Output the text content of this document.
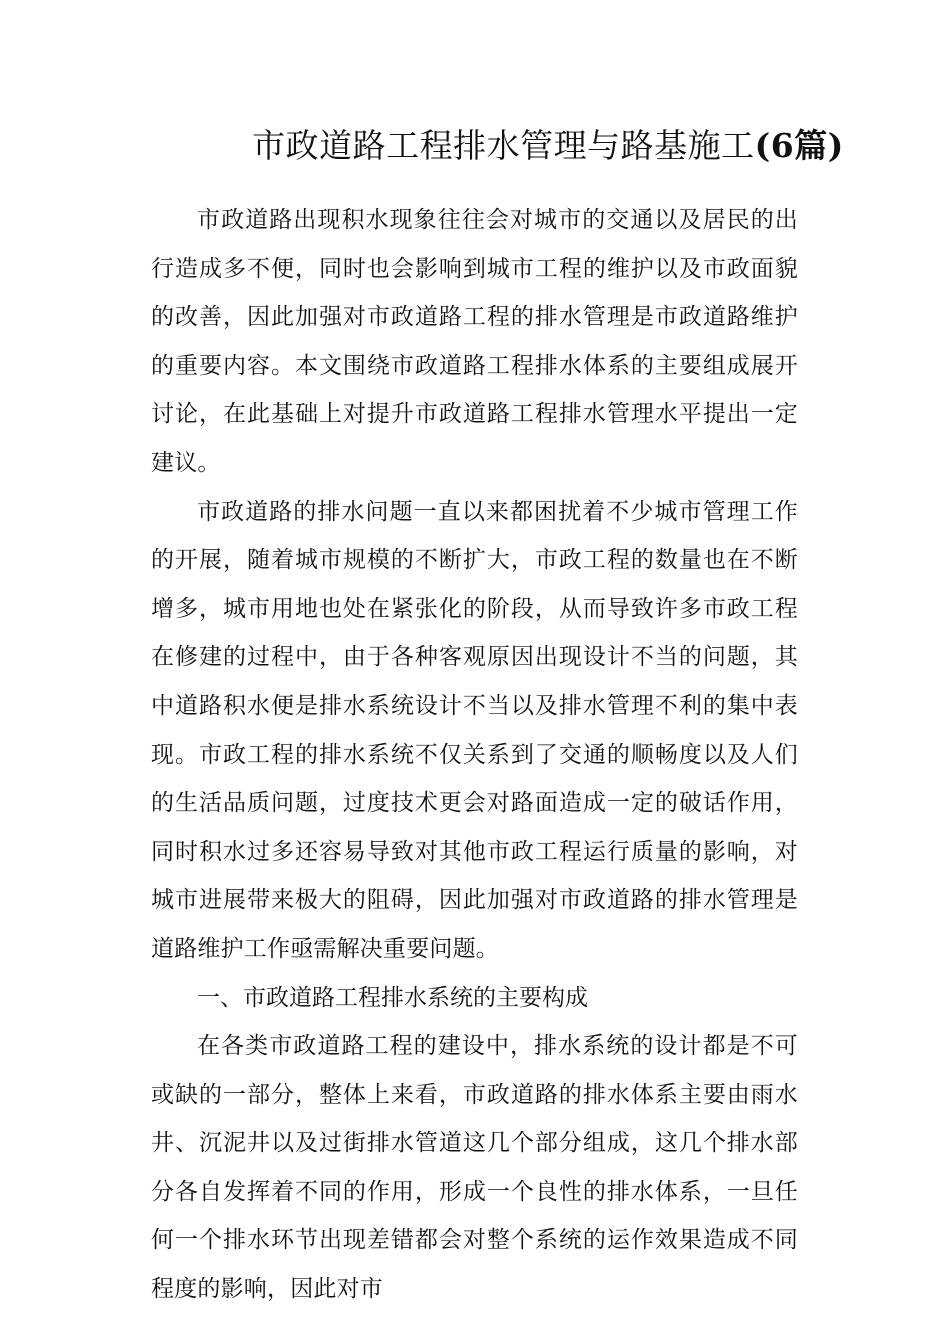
市政道路工程排水管理与路基施工(6篇)

市政道路出现积水现象往往会对城市的交通以及居民的出行造成多不便，同时也会影响到城市工程的维护以及市政面貌的改善，因此加强对市政道路工程的排水管理是市政道路维护的重要内容。本文围绕市政道路工程排水体系的主要组成展开讨论，在此基础上对提升市政道路工程排水管理水平提出一定建议。

市政道路的排水问题一直以来都困扰着不少城市管理工作的开展，随着城市规模的不断扩大，市政工程的数量也在不断增多，城市用地也处在紧张化的阶段，从而导致许多市政工程在修建的过程中，由于各种客观原因出现设计不当的问题，其中道路积水便是排水系统设计不当以及排水管理不利的集中表现。市政工程的排水系统不仅关系到了交通的顺畅度以及人们的生活品质问题，过度技术更会对路面造成一定的破话作用，同时积水过多还容易导致对其他市政工程运行质量的影响，对城市进展带来极大的阻碍，因此加强对市政道路的排水管理是道路维护工作亟需解决重要问题。

一、市政道路工程排水系统的主要构成

在各类市政道路工程的建设中，排水系统的设计都是不可或缺的一部分，整体上来看，市政道路的排水体系主要由雨水井、沉泥井以及过街排水管道这几个部分组成，这几个排水部分各自发挥着不同的作用，形成一个良性的排水体系，一旦任何一个排水环节出现差错都会对整个系统的运作效果造成不同程度的影响，因此对市
